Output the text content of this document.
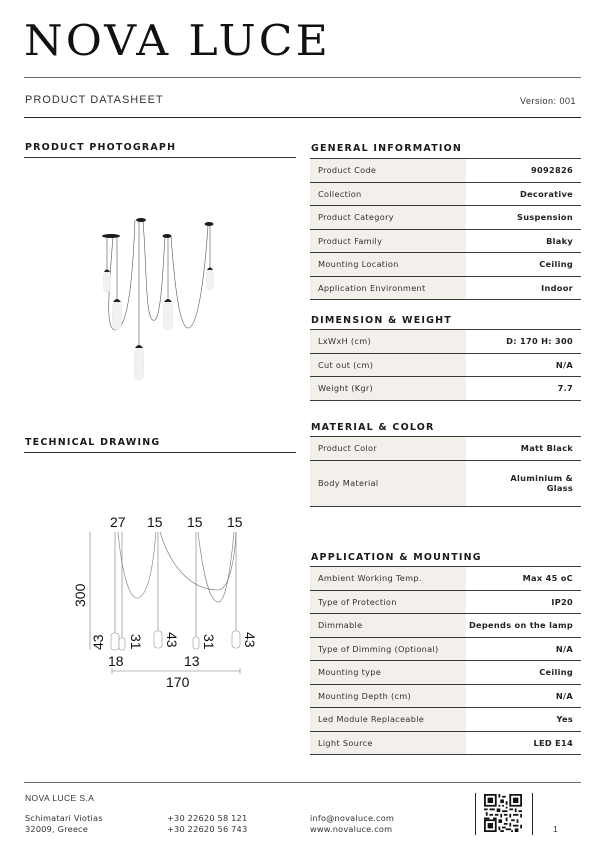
NOVA LUCE
PRODUCT DATASHEET	Version: 001
PRODUCT PHOTOGRAPH
TECHNICAL DRAWING
27 15 15 15
300
43 31 43 31 43
18	13
170
GENERAL INFORMATION
Product Code	9092826
Collection	Decorative
Product Category	Suspension
Product Family	Blaky
Mounting Location	Ceiling
Application Environment	Indoor
DIMENSION & WEIGHT
LxWxH (cm)	D: 170 H: 300
Cut out (cm)	N/A
Weight (Kgr)	7.7
MATERIAL & COLOR
Product Color	Matt Black
Body Material	Aluminium & Glass
APPLICATION & MOUNTING
Ambient Working Temp.	Max 45 oC
Type of Protection	IP20
Dimmable	Depends on the lamp
Type of Dimming (Optional)	N/A
Mounting type	Ceiling
Mounting Depth (cm)	N/A
Led Module Replaceable	Yes
Light Source	LED E14
NOVA LUCE S.A
Schimatari Viotias
32009, Greece
+30 22620 58 121
+30 22620 56 743
info@novaluce.com
www.novaluce.com	1
